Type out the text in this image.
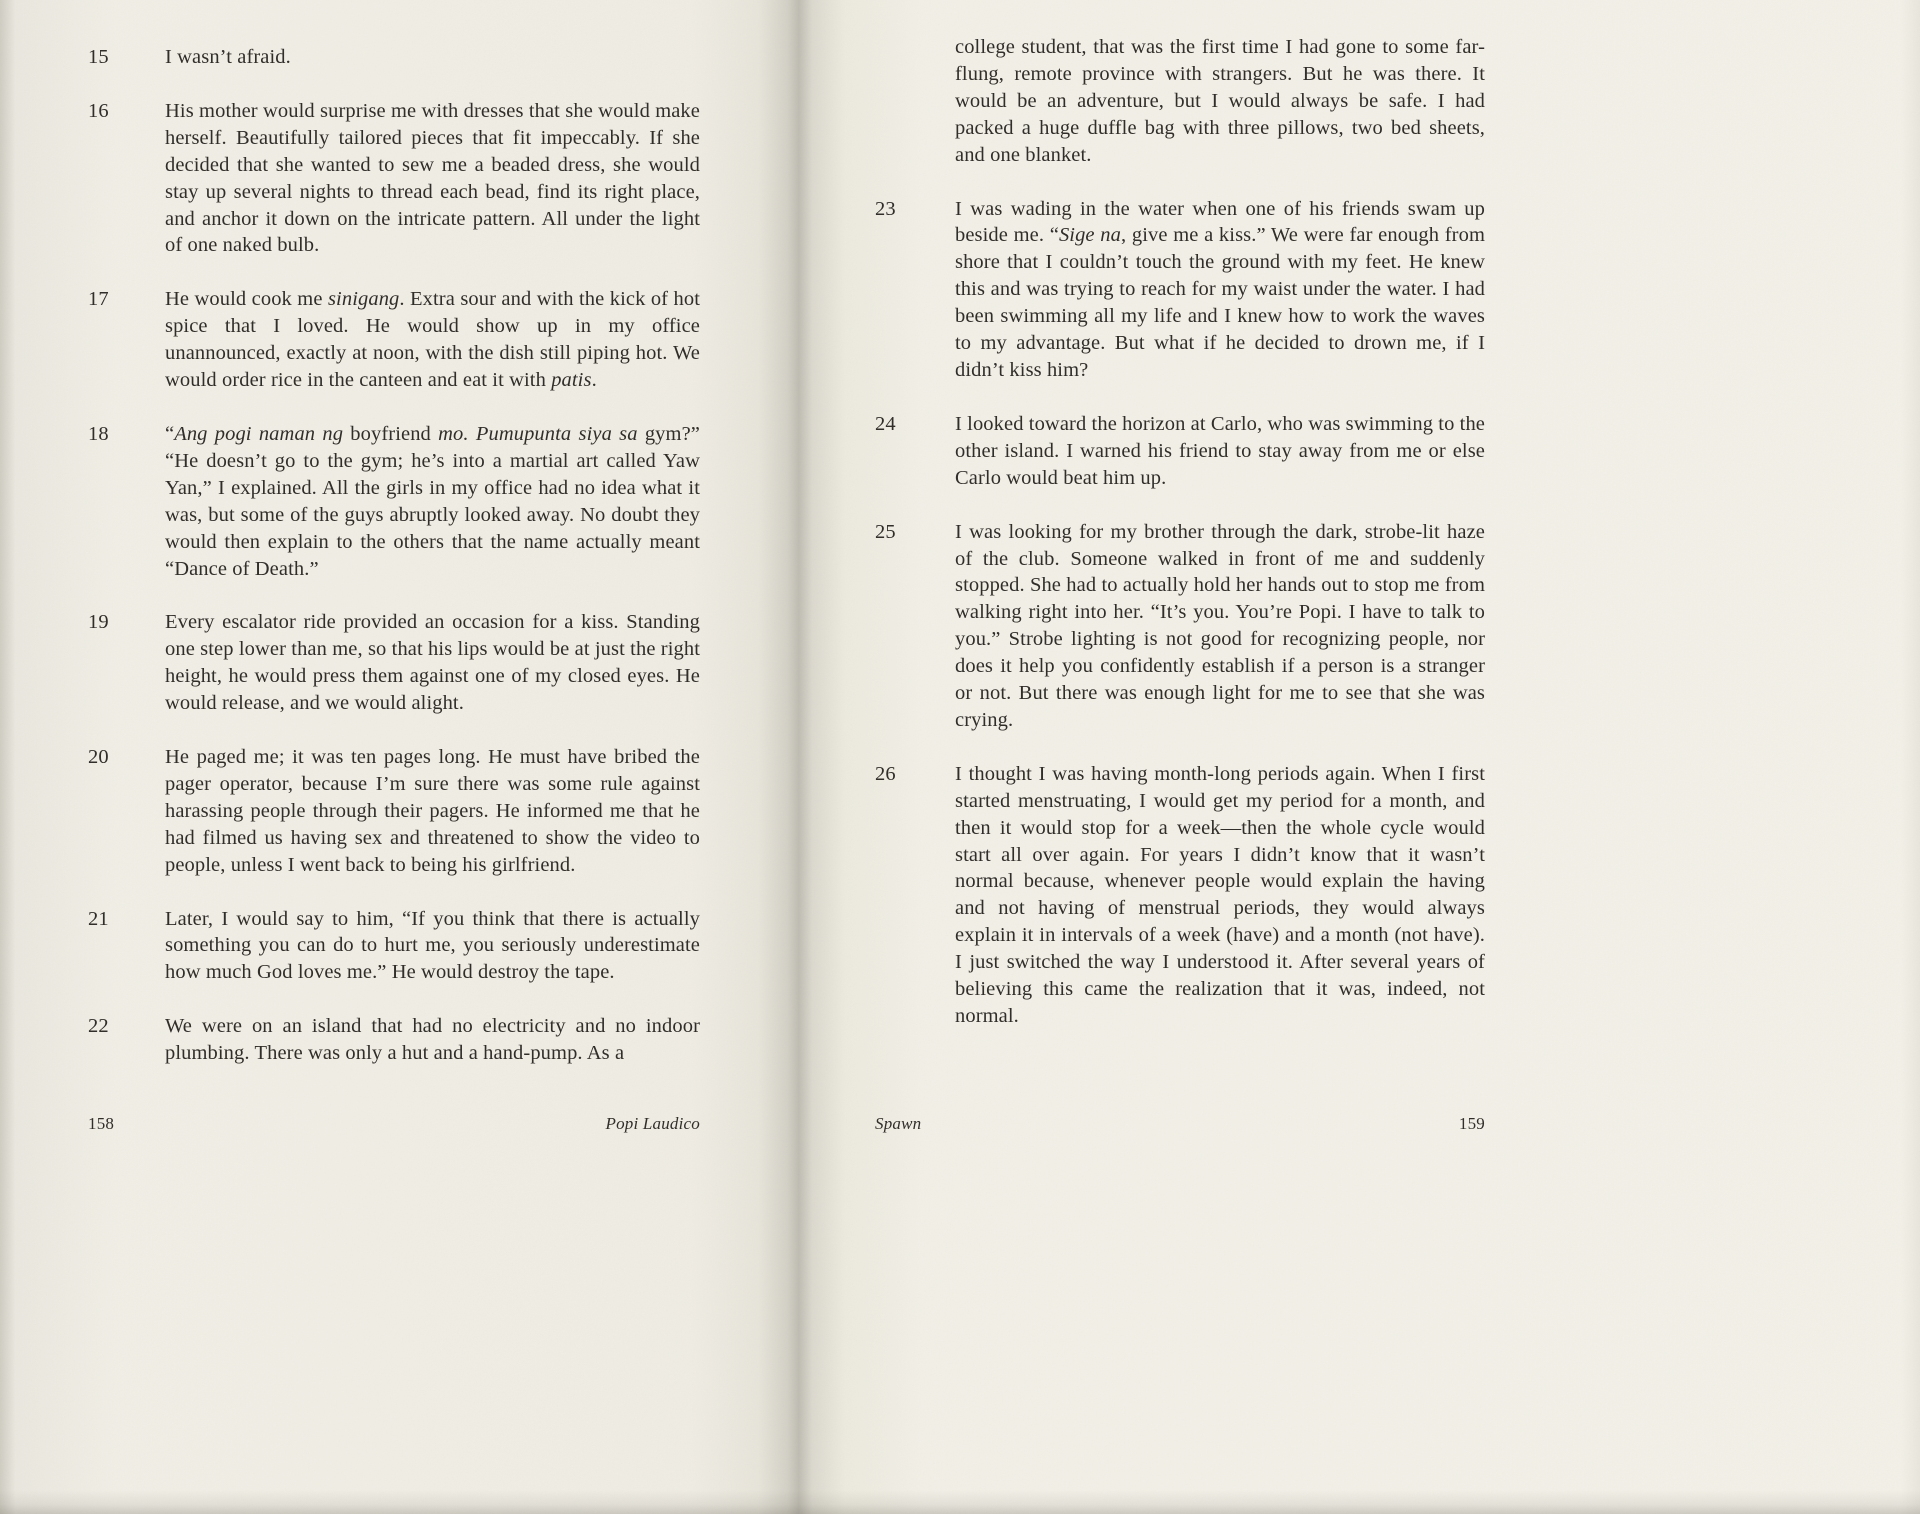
15	I wasn’t afraid.
16	His mother would surprise me with dresses that she would make herself. Beautifully tailored pieces that fit impeccably. If she decided that she wanted to sew me a beaded dress, she would stay up several nights to thread each bead, find its right place, and anchor it down on the intricate pattern. All under the light of one naked bulb.
17	He would cook me sinigang. Extra sour and with the kick of hot spice that I loved. He would show up in my office unannounced, exactly at noon, with the dish still piping hot. We would order rice in the canteen and eat it with patis.
18	“Ang pogi naman ng boyfriend mo. Pumupunta siya sa gym?” “He doesn’t go to the gym; he’s into a martial art called Yaw Yan,” I explained. All the girls in my office had no idea what it was, but some of the guys abruptly looked away. No doubt they would then explain to the others that the name actually meant “Dance of Death.”
19	Every escalator ride provided an occasion for a kiss. Standing one step lower than me, so that his lips would be at just the right height, he would press them against one of my closed eyes. He would release, and we would alight.
20	He paged me; it was ten pages long. He must have bribed the pager operator, because I’m sure there was some rule against harassing people through their pagers. He informed me that he had filmed us having sex and threatened to show the video to people, unless I went back to being his girlfriend.
21	Later, I would say to him, “If you think that there is actually something you can do to hurt me, you seriously underestimate how much God loves me.” He would destroy the tape.
22	We were on an island that had no electricity and no indoor plumbing. There was only a hut and a hand-pump. As a
158	Popi Laudico
college student, that was the first time I had gone to some far-flung, remote province with strangers. But he was there. It would be an adventure, but I would always be safe. I had packed a huge duffle bag with three pillows, two bed sheets, and one blanket.
23	I was wading in the water when one of his friends swam up beside me. “Sige na, give me a kiss.” We were far enough from shore that I couldn’t touch the ground with my feet. He knew this and was trying to reach for my waist under the water. I had been swimming all my life and I knew how to work the waves to my advantage. But what if he decided to drown me, if I didn’t kiss him?
24	I looked toward the horizon at Carlo, who was swimming to the other island. I warned his friend to stay away from me or else Carlo would beat him up.
25	I was looking for my brother through the dark, strobe-lit haze of the club. Someone walked in front of me and suddenly stopped. She had to actually hold her hands out to stop me from walking right into her. “It’s you. You’re Popi. I have to talk to you.” Strobe lighting is not good for recognizing people, nor does it help you confidently establish if a person is a stranger or not. But there was enough light for me to see that she was crying.
26	I thought I was having month-long periods again. When I first started menstruating, I would get my period for a month, and then it would stop for a week—then the whole cycle would start all over again. For years I didn’t know that it wasn’t normal because, whenever people would explain the having and not having of menstrual periods, they would always explain it in intervals of a week (have) and a month (not have). I just switched the way I understood it. After several years of believing this came the realization that it was, indeed, not normal.
Spawn	159
